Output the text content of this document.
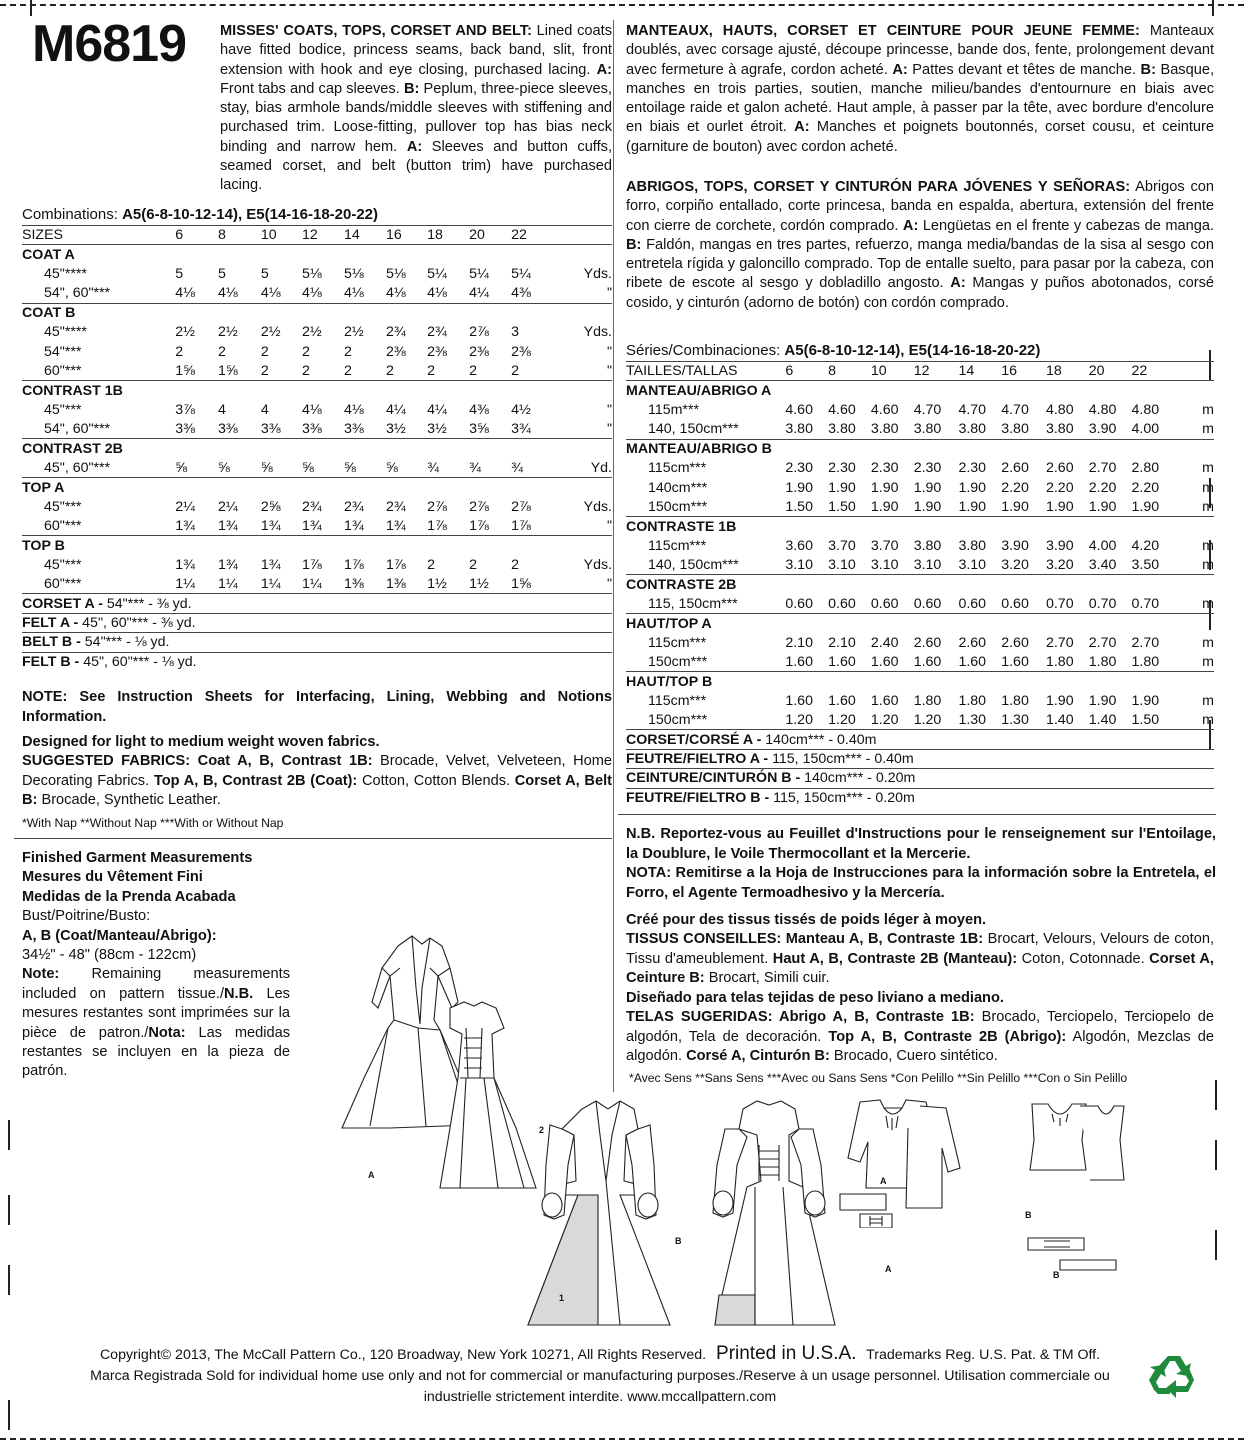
M6819 MISSES' COATS, TOPS, CORSET AND BELT: Lined coats have fitted bodice, princess seams, back band, slit, front extension with hook and eye closing, purchased lacing. A: Front tabs and cap sleeves. B: Peplum, three-piece sleeves, stay, bias armhole bands/middle sleeves with stiffening and purchased trim. Loose-fitting, pullover top has bias neck binding and narrow hem. A: Sleeves and button cuffs, seamed corset, and belt (button trim) have purchased lacing.
Combinations: A5(6-8-10-12-14), E5(14-16-18-20-22)
SIZES	6	8	10	12	14	16	18	20	22	
COAT A										
45"****	5	5	5	5⅛	5⅛	5⅛	5¼	5¼	5¼	Yds.
54", 60"***	4⅛	4⅛	4⅛	4⅛	4⅛	4⅛	4⅛	4¼	4⅜	"
COAT B										
45"****	2½	2½	2½	2½	2½	2¾	2¾	2⅞	3	Yds.
54"***	2	2	2	2	2	2⅜	2⅜	2⅜	2⅜	"
60"***	1⅝	1⅝	2	2	2	2	2	2	2	"
CONTRAST 1B										
45"***	3⅞	4	4	4⅛	4⅛	4¼	4¼	4⅜	4½	"
54", 60"***	3⅜	3⅜	3⅜	3⅜	3⅜	3½	3½	3⅝	3¾	"
CONTRAST 2B										
45", 60"***	⅝	⅝	⅝	⅝	⅝	⅝	¾	¾	¾	Yd.
TOP A										
45"***	2¼	2¼	2⅝	2¾	2¾	2¾	2⅞	2⅞	2⅞	Yds.
60"***	1¾	1¾	1¾	1¾	1¾	1¾	1⅞	1⅞	1⅞	"
TOP B										
45"***	1¾	1¾	1¾	1⅞	1⅞	1⅞	2	2	2	Yds.
60"***	1¼	1¼	1¼	1¼	1⅜	1⅜	1½	1½	1⅝	"
CORSET A - 54"*** - ⅜ yd.										
FELT A - 45", 60"*** - ⅜ yd.										
BELT B - 54"*** - ⅛ yd.										
FELT B - 45", 60"*** - ⅛ yd.										
NOTE: See Instruction Sheets for Interfacing, Lining, Webbing and Notions Information.
Designed for light to medium weight woven fabrics.
SUGGESTED FABRICS: Coat A, B, Contrast 1B: Brocade, Velvet, Velveteen, Home Decorating Fabrics. Top A, B, Contrast 2B (Coat): Cotton, Cotton Blends. Corset A, Belt B: Brocade, Synthetic Leather.
*With Nap **Without Nap ***With or Without Nap
Finished Garment Measurements
Mesures du Vêtement Fini
Medidas de la Prenda Acabada
Bust/Poitrine/Busto:
A, B (Coat/Manteau/Abrigo):
34½" - 48" (88cm - 122cm)
Note: Remaining measurements included on pattern tissue./N.B. Les mesures restantes sont imprimées sur la pièce de patron./Nota: Las medidas restantes se incluyen en la pieza de patrón.
MANTEAUX, HAUTS, CORSET ET CEINTURE POUR JEUNE FEMME: Manteaux doublés, avec corsage ajusté, découpe princesse, bande dos, fente, prolongement devant avec fermeture à agrafe, cordon acheté. A: Pattes devant et têtes de manche. B: Basque, manches en trois parties, soutien, manche milieu/bandes d'entournure en biais avec entoilage raide et galon acheté. Haut ample, à passer par la tête, avec bordure d'encolure en biais et ourlet étroit. A: Manches et poignets boutonnés, corset cousu, et ceinture (garniture de bouton) avec cordon acheté.
ABRIGOS, TOPS, CORSET Y CINTURÓN PARA JÓVENES Y SEÑORAS: Abrigos con forro, corpiño entallado, corte princesa, banda en espalda, abertura, extensión del frente con cierre de corchete, cordón comprado. A: Lengüetas en el frente y cabezas de manga. B: Faldón, mangas en tres partes, refuerzo, manga media/bandas de la sisa al sesgo con entretela rígida y galoncillo comprado. Top de entalle suelto, para pasar por la cabeza, con ribete de escote al sesgo y dobladillo angosto. A: Mangas y puños abotonados, corsé cosido, y cinturón (adorno de botón) con cordón comprado.
Séries/Combinaciones: A5(6-8-10-12-14), E5(14-16-18-20-22)
TAILLES/TALLAS	6	8	10	12	14	16	18	20	22	
MANTEAU/ABRIGO A										
115m***	4.60	4.60	4.60	4.70	4.70	4.70	4.80	4.80	4.80	m
140, 150cm***	3.80	3.80	3.80	3.80	3.80	3.80	3.80	3.90	4.00	m
MANTEAU/ABRIGO B										
115cm***	2.30	2.30	2.30	2.30	2.30	2.60	2.60	2.70	2.80	m
140cm***	1.90	1.90	1.90	1.90	1.90	2.20	2.20	2.20	2.20	m
150cm***	1.50	1.50	1.90	1.90	1.90	1.90	1.90	1.90	1.90	m
CONTRASTE 1B										
115cm***	3.60	3.70	3.70	3.80	3.80	3.90	3.90	4.00	4.20	m
140, 150cm***	3.10	3.10	3.10	3.10	3.10	3.20	3.20	3.40	3.50	m
CONTRASTE 2B										
115, 150cm***	0.60	0.60	0.60	0.60	0.60	0.60	0.70	0.70	0.70	m
HAUT/TOP A										
115cm***	2.10	2.10	2.40	2.60	2.60	2.60	2.70	2.70	2.70	m
150cm***	1.60	1.60	1.60	1.60	1.60	1.60	1.80	1.80	1.80	m
HAUT/TOP B										
115cm***	1.60	1.60	1.60	1.80	1.80	1.80	1.90	1.90	1.90	m
150cm***	1.20	1.20	1.20	1.20	1.30	1.30	1.40	1.40	1.50	m
CORSET/CORSÉ A - 140cm*** - 0.40m										
FEUTRE/FIELTRO A - 115, 150cm*** - 0.40m										
CEINTURE/CINTURÓN B - 140cm*** - 0.20m										
FEUTRE/FIELTRO B - 115, 150cm*** - 0.20m										
N.B. Reportez-vous au Feuillet d'Instructions pour le renseignement sur l'Entoilage, la Doublure, le Voile Thermocollant et la Mercerie.
NOTA: Remitirse a la Hoja de Instrucciones para la información sobre la Entretela, el Forro, el Agente Termoadhesivo y la Mercería.
Créé pour des tissus tissés de poids léger à moyen.
TISSUS CONSEILLES: Manteau A, B, Contraste 1B: Brocart, Velours, Velours de coton, Tissu d'ameublement. Haut A, B, Contraste 2B (Manteau): Coton, Cotonnade. Corset A, Ceinture B: Brocart, Simili cuir.
Diseñado para telas tejidas de peso liviano a mediano.
TELAS SUGERIDAS: Abrigo A, B, Contraste 1B: Brocado, Terciopelo, Terciopelo de algodón, Tela de decoración. Top A, B, Contraste 2B (Abrigo): Algodón, Mezclas de algodón. Corsé A, Cinturón B: Brocado, Cuero sintético.
*Avec Sens **Sans Sens ***Avec ou Sans Sens *Con Pelillo **Sin Pelillo ***Con o Sin Pelillo
A
2
B
1
A
A
B
B
Copyright© 2013, The McCall Pattern Co., 120 Broadway, New York 10271, All Rights Reserved. Printed in U.S.A. Trademarks Reg. U.S. Pat. & TM Off.
Marca Registrada Sold for individual home use only and not for commercial or manufacturing purposes./Reserve à un usage personnel. Utilisation commerciale ou
industrielle strictement interdite. www.mccallpattern.com
